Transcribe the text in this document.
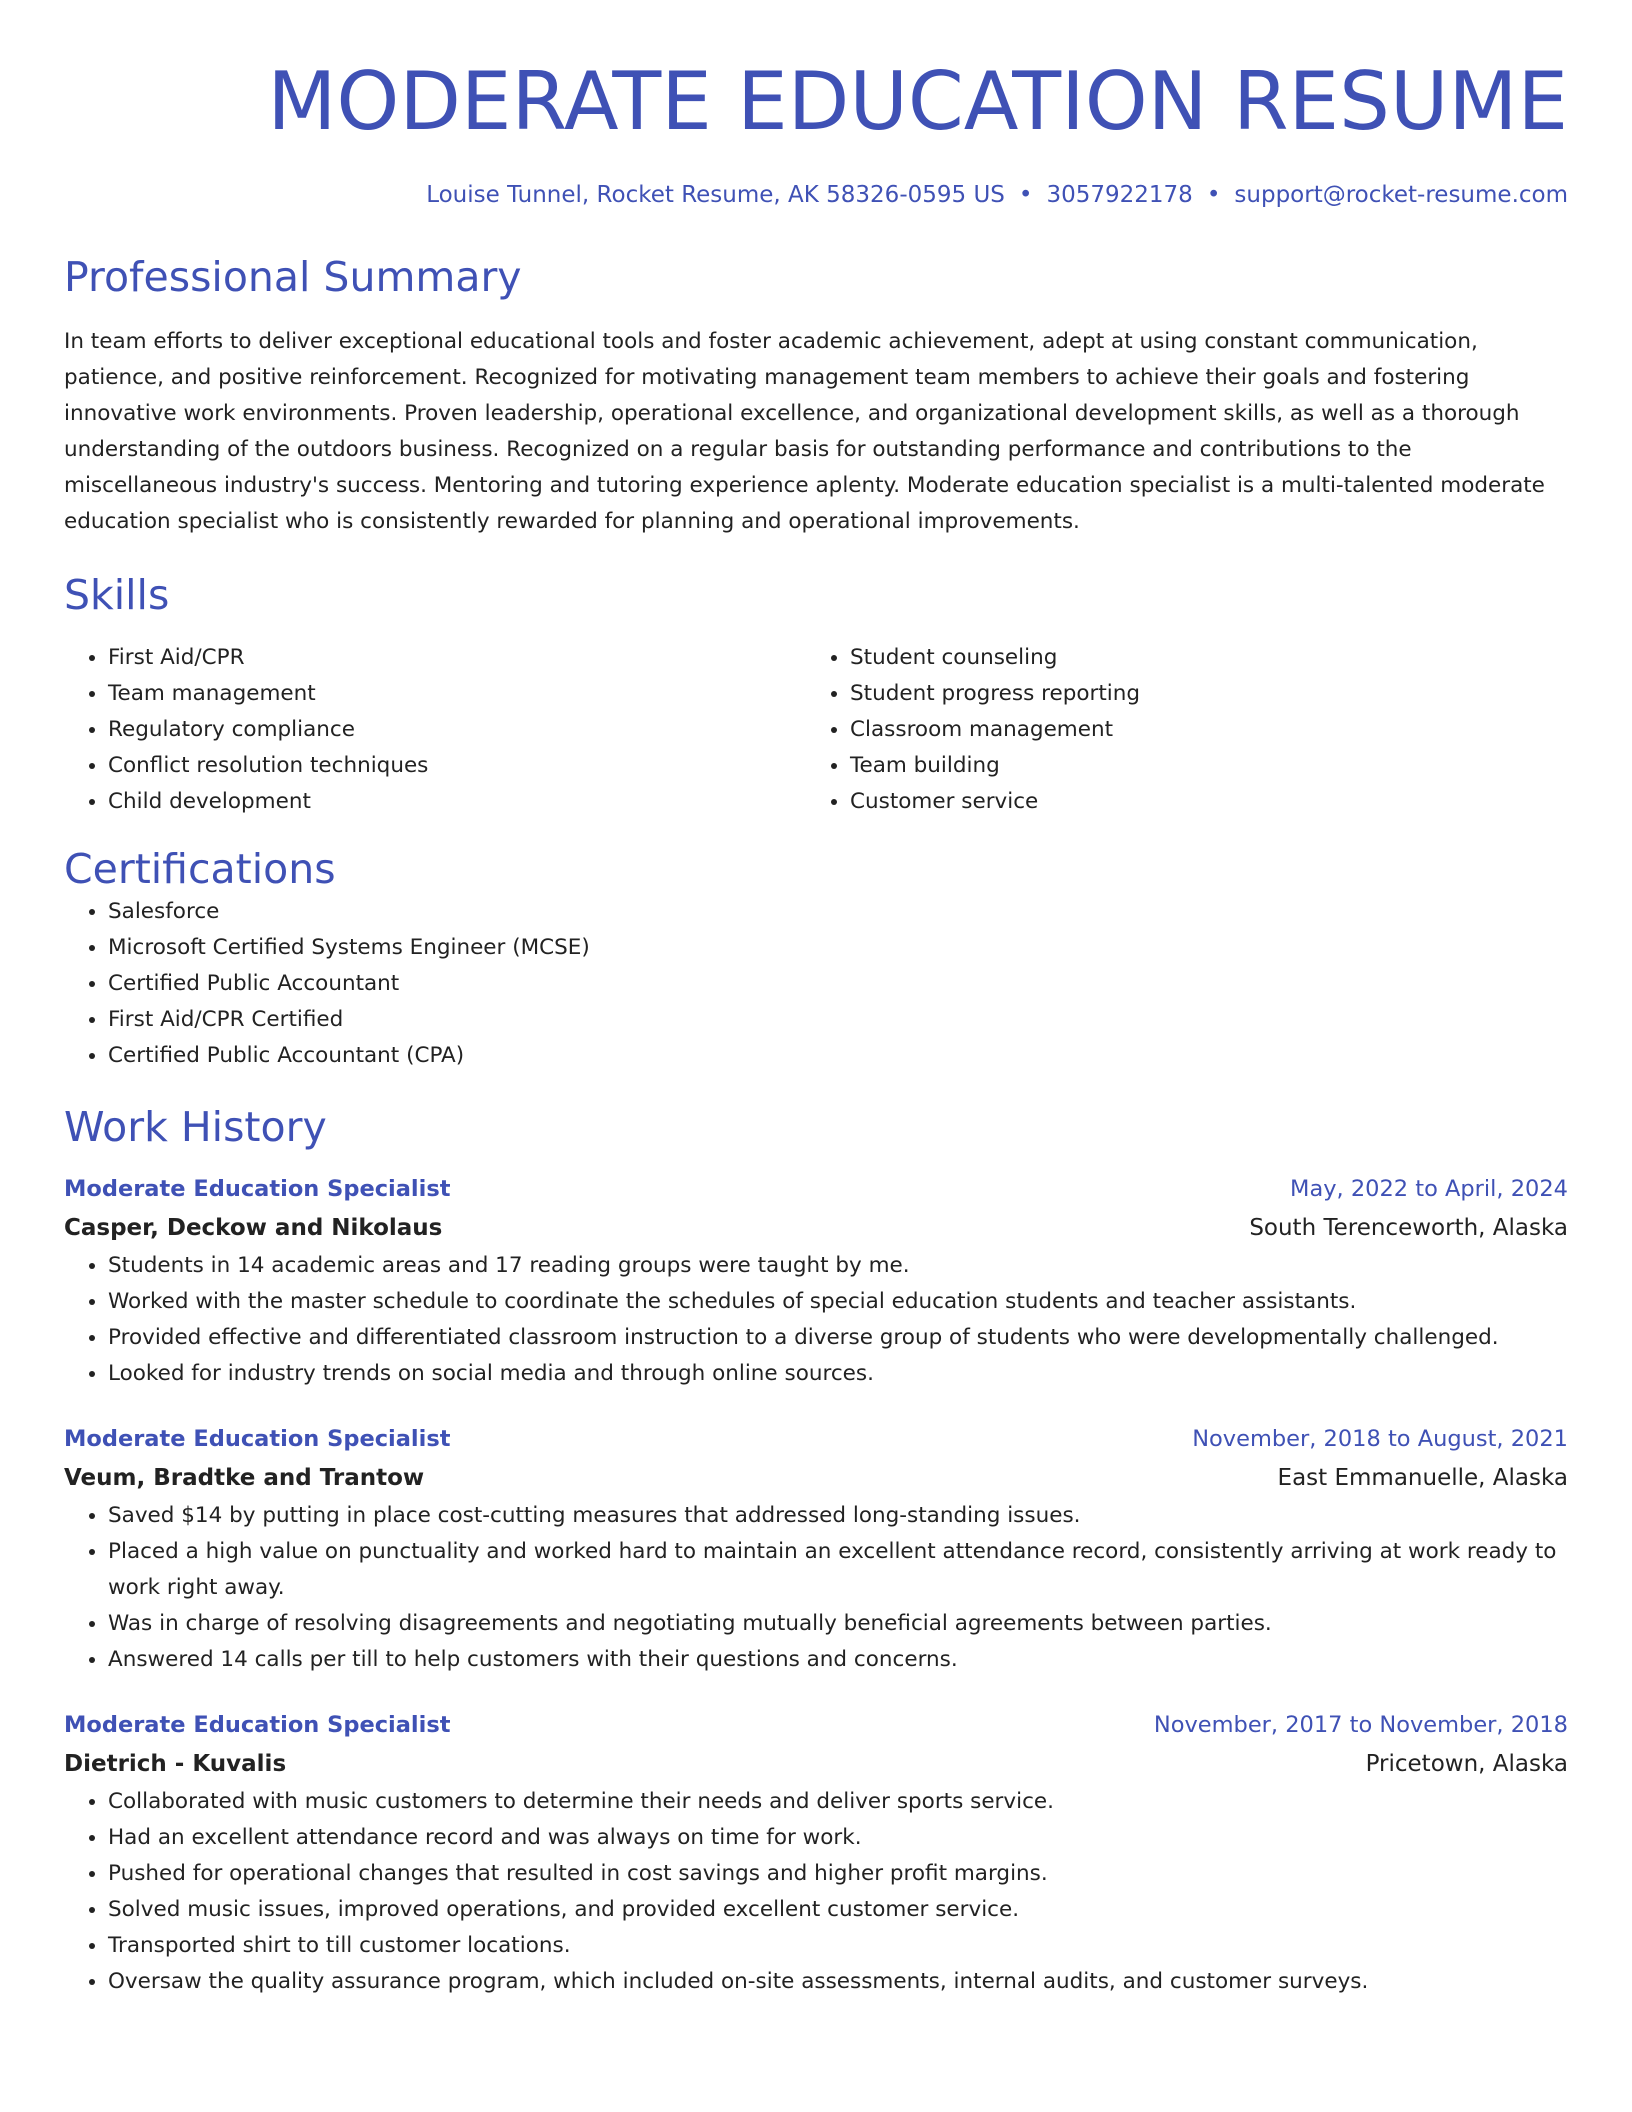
MODERATE EDUCATION RESUME
Louise Tunnel, Rocket Resume, AK 58326-0595 US • 3057922178 • support@rocket-resume.com
Professional Summary

In team efforts to deliver exceptional educational tools and foster academic achievement, adept at using constant communication, patience, and positive reinforcement. Recognized for motivating management team members to achieve their goals and fostering innovative work environments. Proven leadership, operational excellence, and organizational development skills, as well as a thorough understanding of the outdoors business. Recognized on a regular basis for outstanding performance and contributions to the miscellaneous industry's success. Mentoring and tutoring experience aplenty. Moderate education specialist is a multi-talented moderate education specialist who is consistently rewarded for planning and operational improvements.

Skills
• First Aid/CPR
• Team management
• Regulatory compliance
• Conflict resolution techniques
• Child development
• Student counseling
• Student progress reporting
• Classroom management
• Team building
• Customer service
Certifications
• Salesforce
• Microsoft Certified Systems Engineer (MCSE)
• Certified Public Accountant
• First Aid/CPR Certified
• Certified Public Accountant (CPA)
Work History
Moderate Education Specialist	May, 2022 to April, 2024
Casper, Deckow and Nikolaus	South Terenceworth, Alaska
• Students in 14 academic areas and 17 reading groups were taught by me.
• Worked with the master schedule to coordinate the schedules of special education students and teacher assistants.
• Provided effective and differentiated classroom instruction to a diverse group of students who were developmentally challenged.
• Looked for industry trends on social media and through online sources.
Moderate Education Specialist	November, 2018 to August, 2021
Veum, Bradtke and Trantow	East Emmanuelle, Alaska
• Saved $14 by putting in place cost-cutting measures that addressed long-standing issues.
• Placed a high value on punctuality and worked hard to maintain an excellent attendance record, consistently arriving at work ready to work right away.
• Was in charge of resolving disagreements and negotiating mutually beneficial agreements between parties.
• Answered 14 calls per till to help customers with their questions and concerns.
Moderate Education Specialist	November, 2017 to November, 2018
Dietrich - Kuvalis	Pricetown, Alaska
• Collaborated with music customers to determine their needs and deliver sports service.
• Had an excellent attendance record and was always on time for work.
• Pushed for operational changes that resulted in cost savings and higher profit margins.
• Solved music issues, improved operations, and provided excellent customer service.
• Transported shirt to till customer locations.
• Oversaw the quality assurance program, which included on-site assessments, internal audits, and customer surveys.
